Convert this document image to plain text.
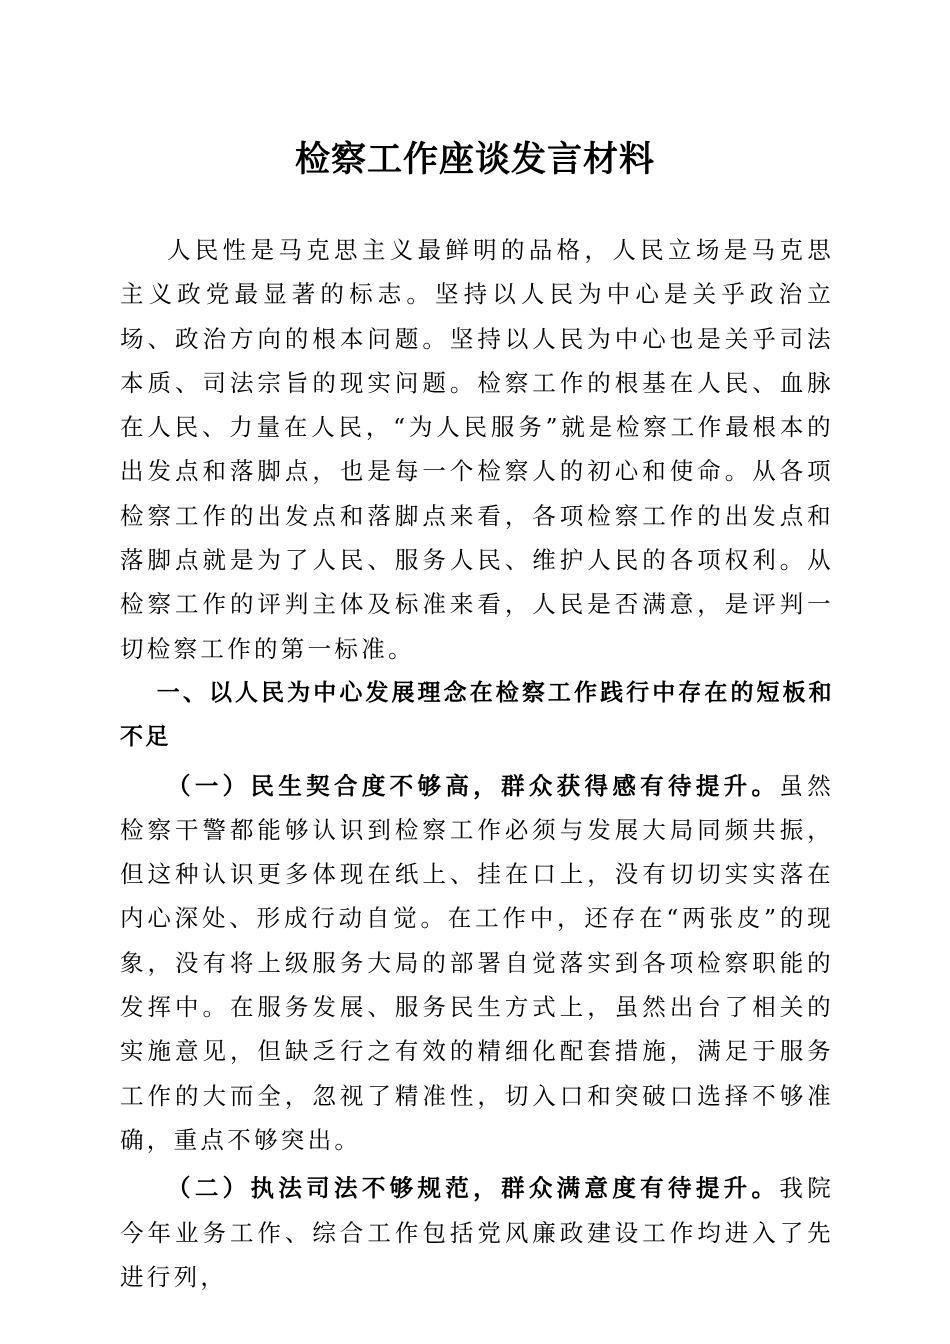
检察工作座谈发言材料

人民性是马克思主义最鲜明的品格，人民立场是马克思主义政党最显著的标志。坚持以人民为中心是关乎政治立场、政治方向的根本问题。坚持以人民为中心也是关乎司法本质、司法宗旨的现实问题。检察工作的根基在人民、血脉在人民、力量在人民，“为人民服务”就是检察工作最根本的出发点和落脚点，也是每一个检察人的初心和使命。从各项检察工作的出发点和落脚点来看，各项检察工作的出发点和落脚点就是为了人民、服务人民、维护人民的各项权利。从检察工作的评判主体及标准来看，人民是否满意，是评判一切检察工作的第一标准。

一、以人民为中心发展理念在检察工作践行中存在的短板和不足

（一）民生契合度不够高，群众获得感有待提升。虽然检察干警都能够认识到检察工作必须与发展大局同频共振，但这种认识更多体现在纸上、挂在口上，没有切切实实落在内心深处、形成行动自觉。在工作中，还存在“两张皮”的现象，没有将上级服务大局的部署自觉落实到各项检察职能的发挥中。在服务发展、服务民生方式上，虽然出台了相关的实施意见，但缺乏行之有效的精细化配套措施，满足于服务工作的大而全，忽视了精准性，切入口和突破口选择不够准确，重点不够突出。

（二）执法司法不够规范，群众满意度有待提升。我院今年业务工作、综合工作包括党风廉政建设工作均进入了先进行列，
